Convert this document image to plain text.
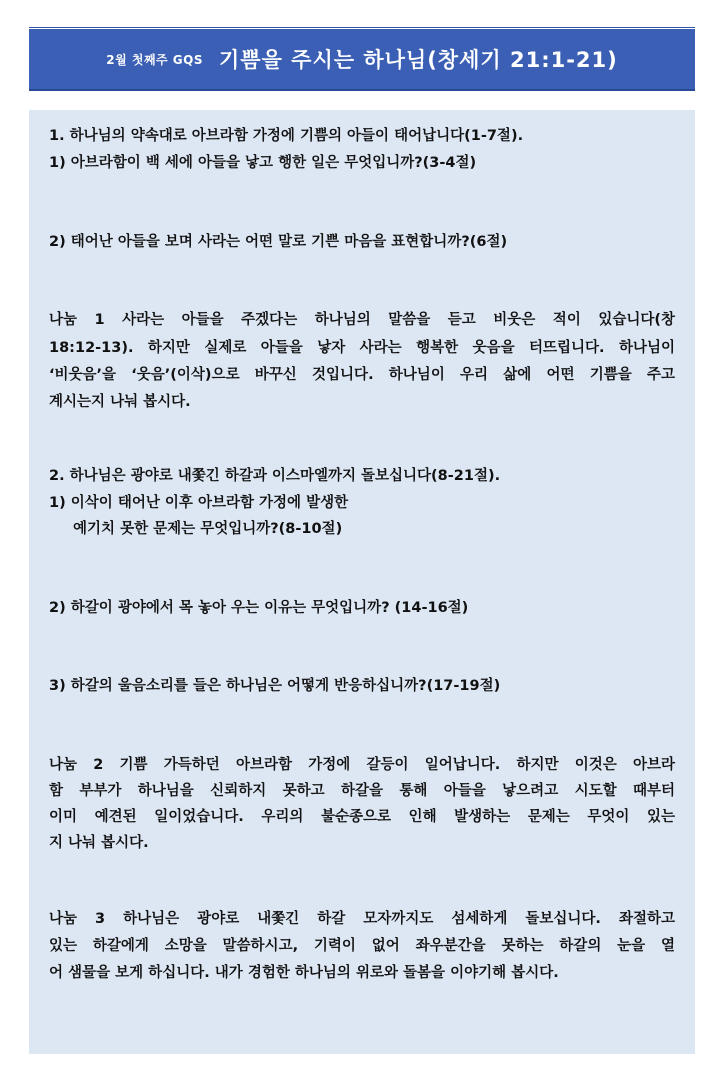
2월 첫째주 GQS 기쁨을 주시는 하나님(창세기 21:1-21)
1. 하나님의 약속대로 아브라함 가정에 기쁨의 아들이 태어납니다(1-7절).
1) 아브라함이 백 세에 아들을 낳고 행한 일은 무엇입니까?(3-4절)
2) 태어난 아들을 보며 사라는 어떤 말로 기쁜 마음을 표현합니까?(6절)
나눔 1 사라는 아들을 주겠다는 하나님의 말씀을 듣고 비웃은 적이 있습니다(창
18:12-13). 하지만 실제로 아들을 낳자 사라는 행복한 웃음을 터뜨립니다. 하나님이
‘비웃음’을 ‘웃음’(이삭)으로 바꾸신 것입니다. 하나님이 우리 삶에 어떤 기쁨을 주고
계시는지 나눠 봅시다.
2. 하나님은 광야로 내쫓긴 하갈과 이스마엘까지 돌보십니다(8-21절).
1) 이삭이 태어난 이후 아브라함 가정에 발생한
예기치 못한 문제는 무엇입니까?(8-10절)
2) 하갈이 광야에서 목 놓아 우는 이유는 무엇입니까? (14-16절)
3) 하갈의 울음소리를 들은 하나님은 어떻게 반응하십니까?(17-19절)
나눔 2 기쁨 가득하던 아브라함 가정에 갈등이 일어납니다. 하지만 이것은 아브라
함 부부가 하나님을 신뢰하지 못하고 하갈을 통해 아들을 낳으려고 시도할 때부터
이미 예견된 일이었습니다. 우리의 불순종으로 인해 발생하는 문제는 무엇이 있는
지 나눠 봅시다.
나눔 3 하나님은 광야로 내쫓긴 하갈 모자까지도 섬세하게 돌보십니다. 좌절하고
있는 하갈에게 소망을 말씀하시고, 기력이 없어 좌우분간을 못하는 하갈의 눈을 열
어 샘물을 보게 하십니다. 내가 경험한 하나님의 위로와 돌봄을 이야기해 봅시다.
